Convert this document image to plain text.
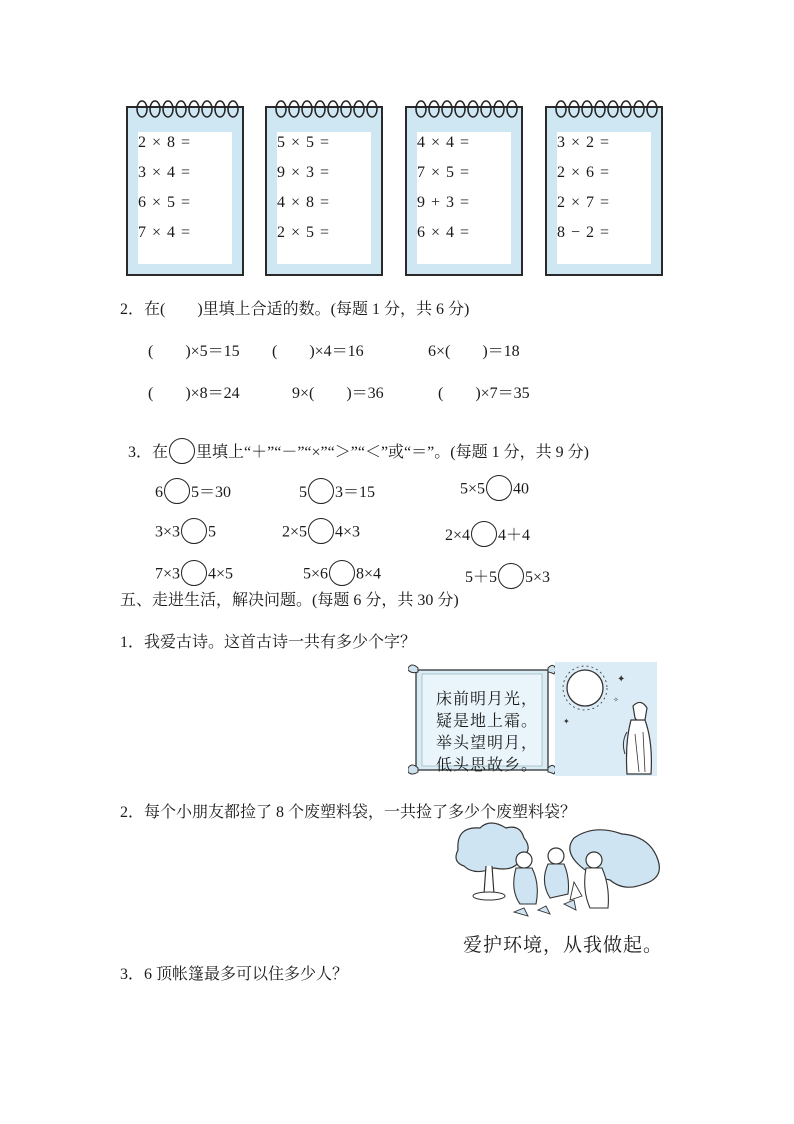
2 × 8 =
3 × 4 =
6 × 5 =
7 × 4 =
5 × 5 =
9 × 3 =
4 × 8 =
2 × 5 =
4 × 4 =
7 × 5 =
9 + 3 =
6 × 4 =
3 × 2 =
2 × 6 =
2 × 7 =
8 − 2 =
2．在(　　)里填上合适的数。(每题 1 分，共 6 分)
(　　)×5＝15 (　　)×4＝16	6×(　　)＝18
(　　)×8＝24	9×(　　)＝36	(　　)×7＝35

3．在 里填上“＋”“－”“×”“＞”“＜”或“＝”。(每题 1 分，共 9 分)

6 5＝30	5 3＝15	5×5 40

3×3 5	2×5 4×3	2×4 4＋4

7×3 4×5	5×6 8×4	5＋5 5×3

五、走进生活，解决问题。(每题 6 分，共 30 分)
1．我爱古诗。这首古诗一共有多少个字？
床前明月光，
疑是地上霜。
举头望明月，
低头思故乡。
✦
✦
✧
2．每个小朋友都捡了 8 个废塑料袋，一共捡了多少个废塑料袋？
爱护环境，从我做起。
3．6 顶帐篷最多可以住多少人？
